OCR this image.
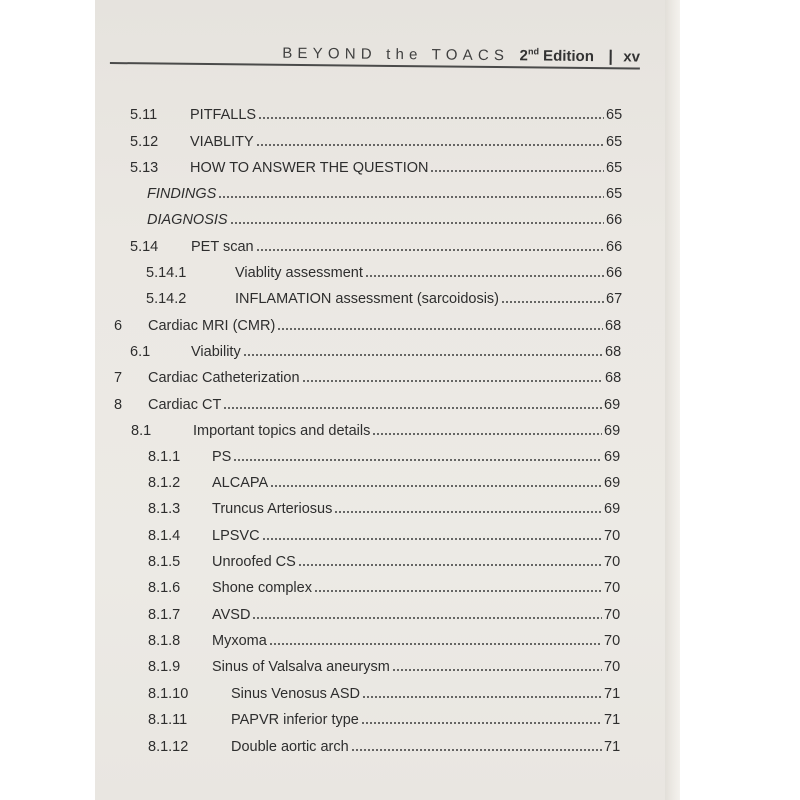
BEYOND the TOACS 2nd Edition | xv
5.11 PITFALLS	65
5.12 VIABLITY	65
5.13 HOW TO ANSWER THE QUESTION	65
FINDINGS	65
DIAGNOSIS	66
5.14 PET scan	66
5.14.1	Viablity assessment	66
5.14.2	INFLAMATION assessment (sarcoidosis)	67
6 Cardiac MRI (CMR)	68
6.1	Viability	68
7 Cardiac Catheterization	68
8 Cardiac CT	69
8.1	Important topics and details	69
8.1.1 PS	69
8.1.2 ALCAPA	69
8.1.3 Truncus Arteriosus	69
8.1.4 LPSVC	70
8.1.5 Unroofed CS	70
8.1.6 Shone complex	70
8.1.7 AVSD	70
8.1.8 Myxoma	70
8.1.9 Sinus of Valsalva aneurysm	70
8.1.10	Sinus Venosus ASD	71
8.1.11	PAPVR inferior type	71
8.1.12	Double aortic arch	71
